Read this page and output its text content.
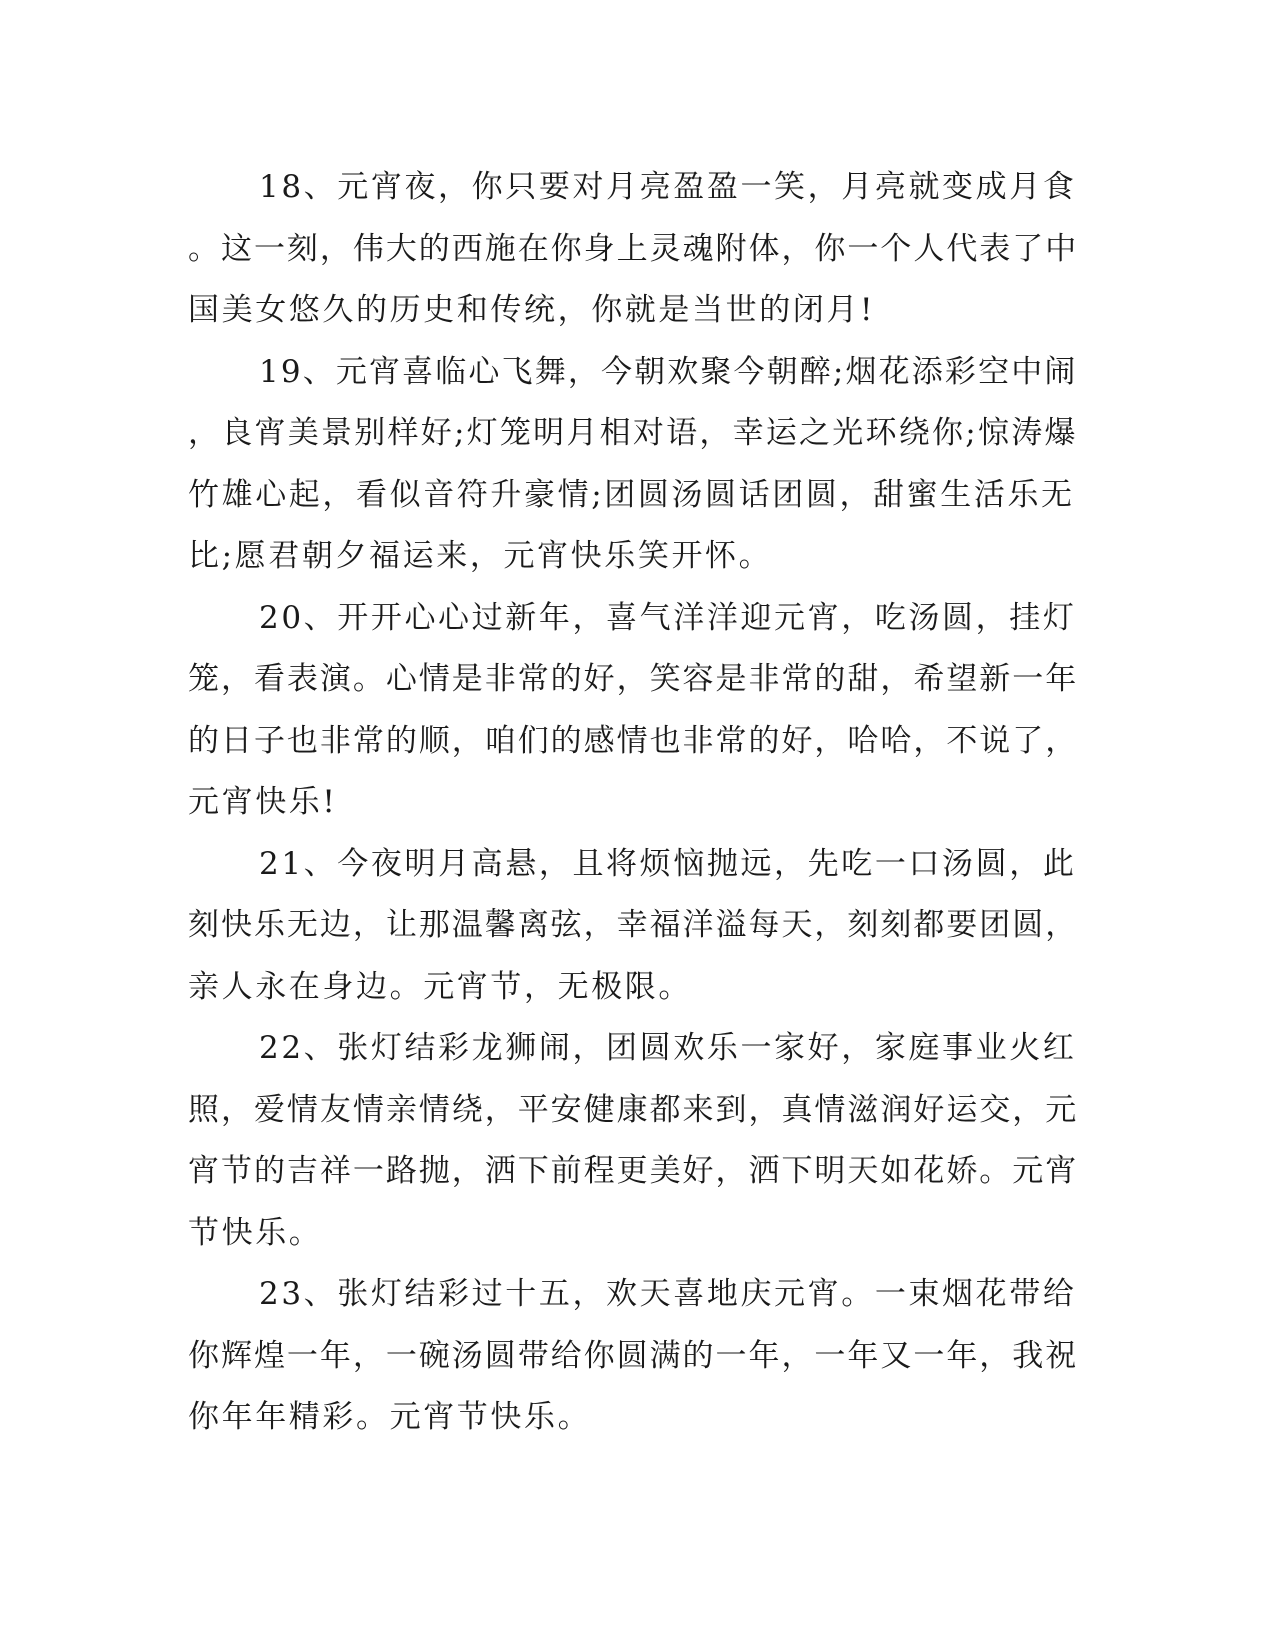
18、元宵夜，你只要对月亮盈盈一笑，月亮就变成月食
。这一刻，伟大的西施在你身上灵魂附体，你一个人代表了中
国美女悠久的历史和传统，你就是当世的闭月!
19、元宵喜临心飞舞，今朝欢聚今朝醉;烟花添彩空中闹
，良宵美景别样好;灯笼明月相对语，幸运之光环绕你;惊涛爆
竹雄心起，看似音符升豪情;团圆汤圆话团圆，甜蜜生活乐无
比;愿君朝夕福运来，元宵快乐笑开怀。
20、开开心心过新年，喜气洋洋迎元宵，吃汤圆，挂灯
笼，看表演。心情是非常的好，笑容是非常的甜，希望新一年
的日子也非常的顺，咱们的感情也非常的好，哈哈，不说了，
元宵快乐!
21、今夜明月高悬，且将烦恼抛远，先吃一口汤圆，此
刻快乐无边，让那温馨离弦，幸福洋溢每天，刻刻都要团圆，
亲人永在身边。元宵节，无极限。
22、张灯结彩龙狮闹，团圆欢乐一家好，家庭事业火红
照，爱情友情亲情绕，平安健康都来到，真情滋润好运交，元
宵节的吉祥一路抛，洒下前程更美好，洒下明天如花娇。元宵
节快乐。
23、张灯结彩过十五，欢天喜地庆元宵。一束烟花带给
你辉煌一年，一碗汤圆带给你圆满的一年，一年又一年，我祝
你年年精彩。元宵节快乐。
